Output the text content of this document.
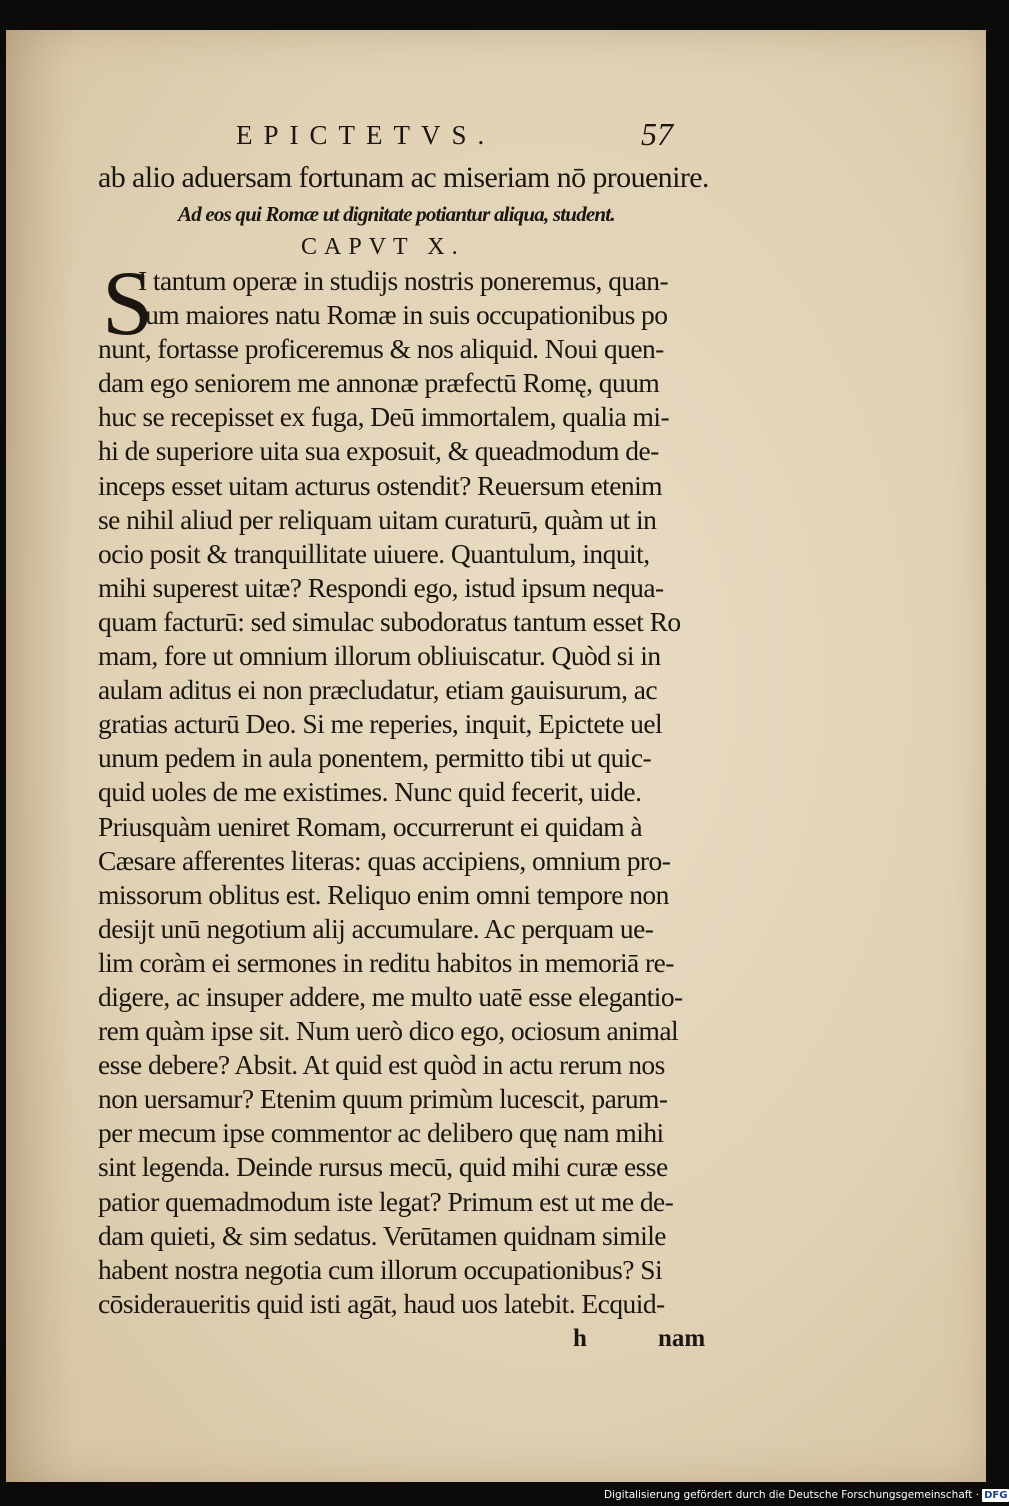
EPICTETVS.	57
ab alio aduersam fortunam ac miseriam nō prouenire.
Ad eos qui Romæ ut dignitate potiantur aliqua, student.
CAPVT X.
S
I tantum operæ in studijs nostris poneremus, quan-
tum maiores natu Romæ in suis occupationibus po
nunt, fortasse proficeremus & nos aliquid. Noui quen-
dam ego seniorem me annonæ præfectū Romę, quum
huc se recepisset ex fuga, Deū immortalem, qualia mi-
hi de superiore uita sua exposuit, & queadmodum de-
inceps esset uitam acturus ostendit? Reuersum etenim
se nihil aliud per reliquam uitam curaturū, quàm ut in
ocio posit & tranquillitate uiuere. Quantulum, inquit,
mihi superest uitæ? Respondi ego, istud ipsum nequa-
quam facturū: sed simulac subodoratus tantum esset Ro
mam, fore ut omnium illorum obliuiscatur. Quòd si in
aulam aditus ei non præcludatur, etiam gauisurum, ac
gratias acturū Deo. Si me reperies, inquit, Epictete uel
unum pedem in aula ponentem, permitto tibi ut quic-
quid uoles de me existimes. Nunc quid fecerit, uide.
Priusquàm ueniret Romam, occurrerunt ei quidam à
Cæsare afferentes literas: quas accipiens, omnium pro-
missorum oblitus est. Reliquo enim omni tempore non
desijt unū negotium alij accumulare. Ac perquam ue-
lim coràm ei sermones in reditu habitos in memoriā re-
digere, ac insuper addere, me multo uatē esse elegantio-
rem quàm ipse sit. Num uerò dico ego, ociosum animal
esse debere? Absit. At quid est quòd in actu rerum nos
non uersamur? Etenim quum primùm lucescit, parum-
per mecum ipse commentor ac delibero quę nam mihi
sint legenda. Deinde rursus mecū, quid mihi curæ esse
patior quemadmodum iste legat? Primum est ut me de-
dam quieti, & sim sedatus. Verūtamen quidnam simile
habent nostra negotia cum illorum occupationibus? Si
cōsideraueritis quid isti agāt, haud uos latebit. Ecquid-
h	nam
Digitalisierung gefördert durch die Deutsche Forschungsgemeinschaft · DFG
